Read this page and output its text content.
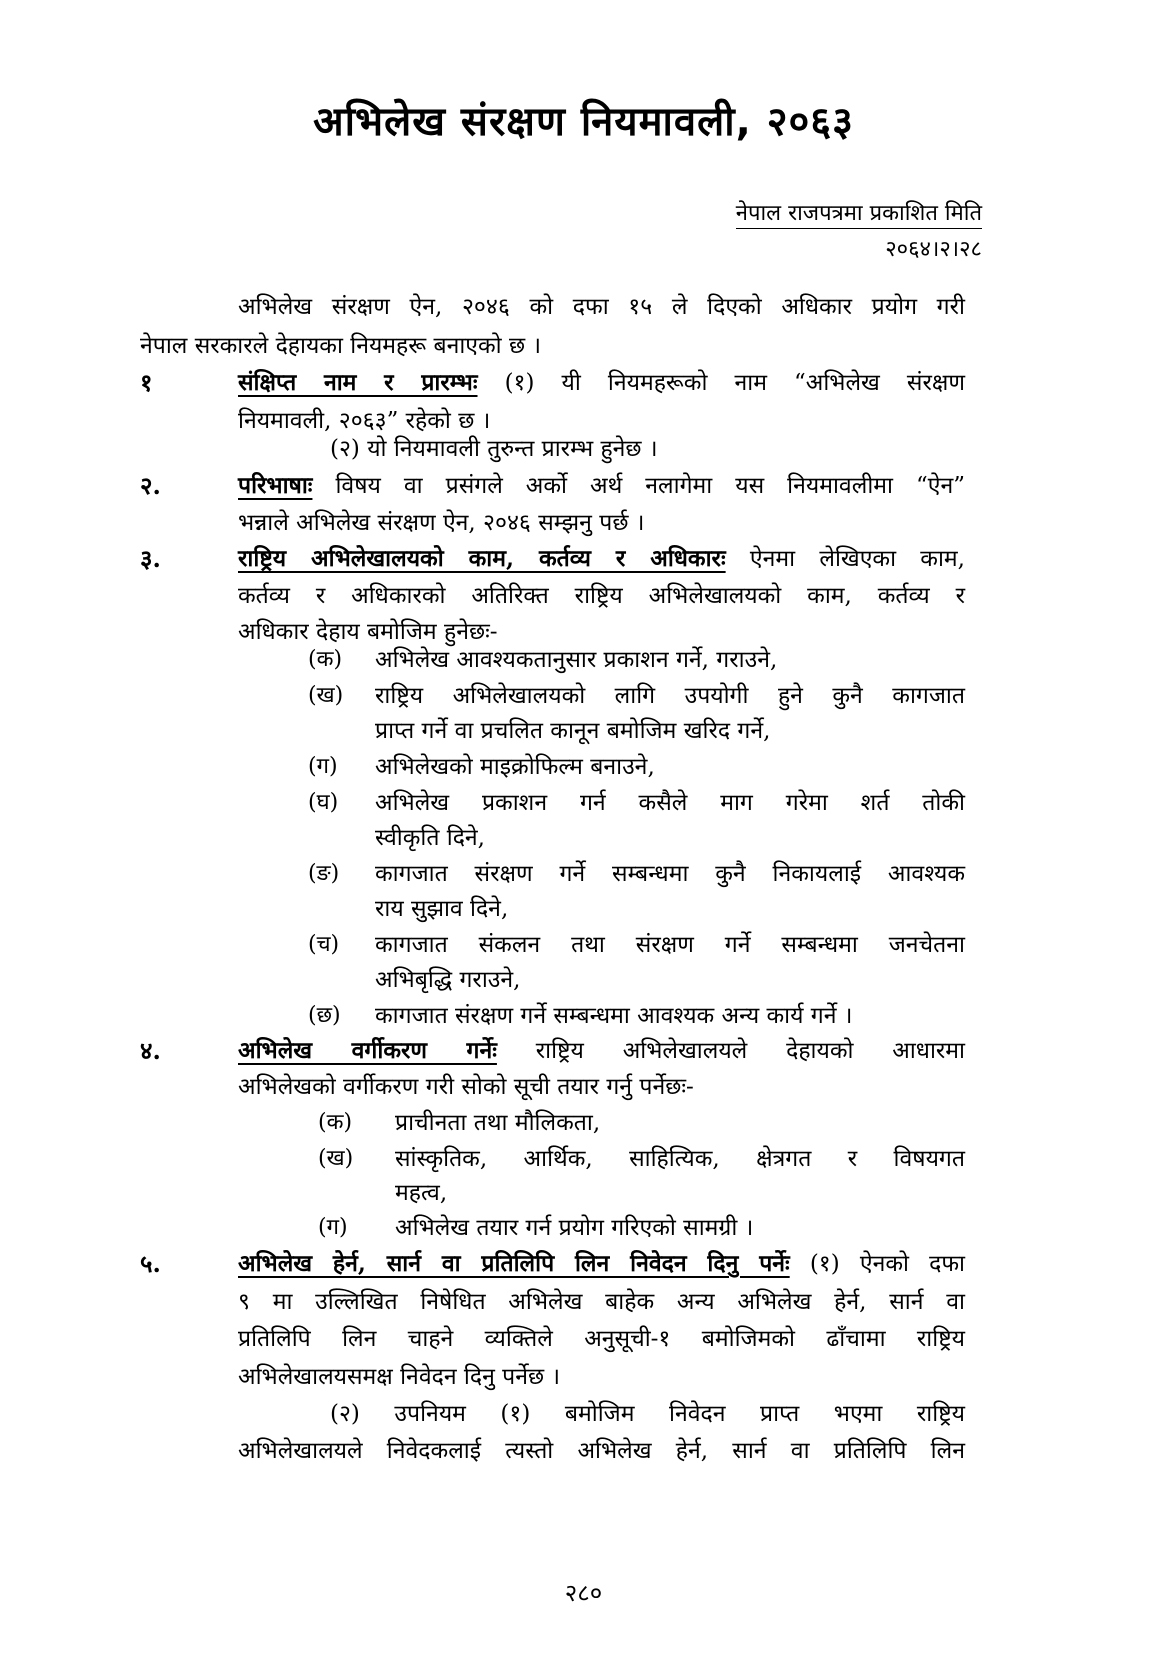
अभिलेख संरक्षण नियमावली, २०६३
नेपाल राजपत्रमा प्रकाशित मिति
२०६४।२।२८
अभिलेख संरक्षण ऐन, २०४६ को दफा १५ ले दिएको अधिकार प्रयोग गरी
नेपाल सरकारले देहायका नियमहरू बनाएको छ ।
१	संक्षिप्त नाम र प्रारम्भः (१) यी नियमहरूको नाम “अभिलेख संरक्षण
नियमावली, २०६३” रहेको छ ।
(२) यो नियमावली तुरुन्त प्रारम्भ हुनेछ ।
२.	परिभाषाः विषय वा प्रसंगले अर्को अर्थ नलागेमा यस नियमावलीमा “ऐन”
भन्नाले अभिलेख संरक्षण ऐन, २०४६ सम्झनु पर्छ ।
३.	राष्ट्रिय अभिलेखालयको काम, कर्तव्य र अधिकारः ऐनमा लेखिएका काम,
कर्तव्य र अधिकारको अतिरिक्त राष्ट्रिय अभिलेखालयको काम, कर्तव्य र
अधिकार देहाय बमोजिम हुनेछः-
(क) अभिलेख आवश्यकतानुसार प्रकाशन गर्ने, गराउने,
(ख) राष्ट्रिय अभिलेखालयको लागि उपयोगी हुने कुनै कागजात
प्राप्त गर्ने वा प्रचलित कानून बमोजिम खरिद गर्ने,
(ग) अभिलेखको माइक्रोफिल्म बनाउने,
(घ) अभिलेख प्रकाशन गर्न कसैले माग गरेमा शर्त तोकी
स्वीकृति दिने,
(ङ) कागजात संरक्षण गर्ने सम्बन्धमा कुनै निकायलाई आवश्यक
राय सुझाव दिने,
(च) कागजात संकलन तथा संरक्षण गर्ने सम्बन्धमा जनचेतना
अभिबृद्धि गराउने,
(छ) कागजात संरक्षण गर्ने सम्बन्धमा आवश्यक अन्य कार्य गर्ने ।
४.	अभिलेख वर्गीकरण गर्नेः राष्ट्रिय अभिलेखालयले देहायको आधारमा
अभिलेखको वर्गीकरण गरी सोको सूची तयार गर्नु पर्नेछः-
(क) प्राचीनता तथा मौलिकता,
(ख) सांस्कृतिक, आर्थिक, साहित्यिक, क्षेत्रगत र विषयगत
महत्व,
(ग) अभिलेख तयार गर्न प्रयोग गरिएको सामग्री ।
५.	अभिलेख हेर्न, सार्न वा प्रतिलिपि लिन निवेदन दिनु पर्नेः (१) ऐनको दफा
९ मा उल्लिखित निषेधित अभिलेख बाहेक अन्य अभिलेख हेर्न, सार्न वा
प्रतिलिपि लिन चाहने व्यक्तिले अनुसूची-१ बमोजिमको ढाँचामा राष्ट्रिय
अभिलेखालयसमक्ष निवेदन दिनु पर्नेछ ।
(२) उपनियम (१) बमोजिम निवेदन प्राप्त भएमा राष्ट्रिय
अभिलेखालयले निवेदकलाई त्यस्तो अभिलेख हेर्न, सार्न वा प्रतिलिपि लिन
२८०
